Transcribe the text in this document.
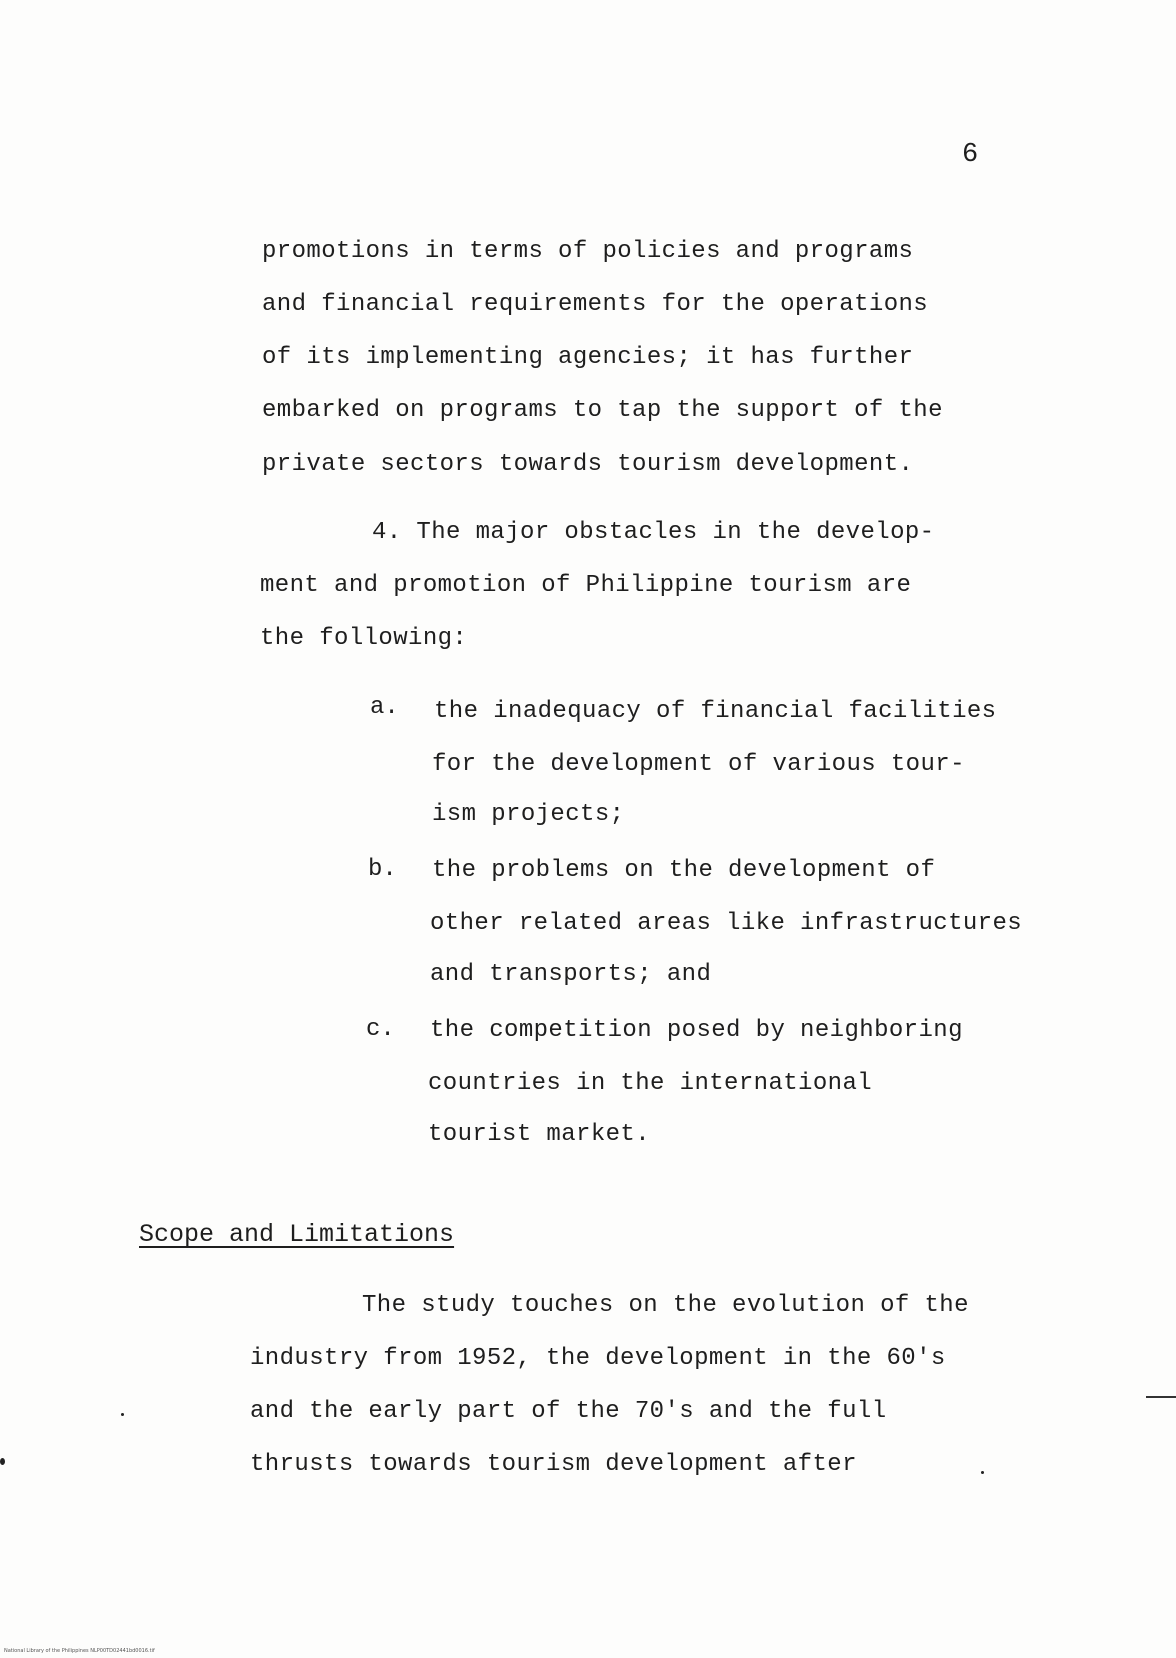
6
promotions in terms of policies and programs
and financial requirements for the operations
of its implementing agencies; it has further
embarked on programs to tap the support of the
private sectors towards tourism development.
4. The major obstacles in the develop-
ment and promotion of Philippine tourism are
the following:
a. the inadequacy of financial facilities
for the development of various tour-
ism projects;
b. the problems on the development of
other related areas like infrastructures
and transports; and
c. the competition posed by neighboring
countries in the international
tourist market.
Scope and Limitations
The study touches on the evolution of the
industry from 1952, the development in the 60's
and the early part of the 70's and the full
thrusts towards tourism development after
National Library of the Philippines NLP00TD02441bd0016.tif
